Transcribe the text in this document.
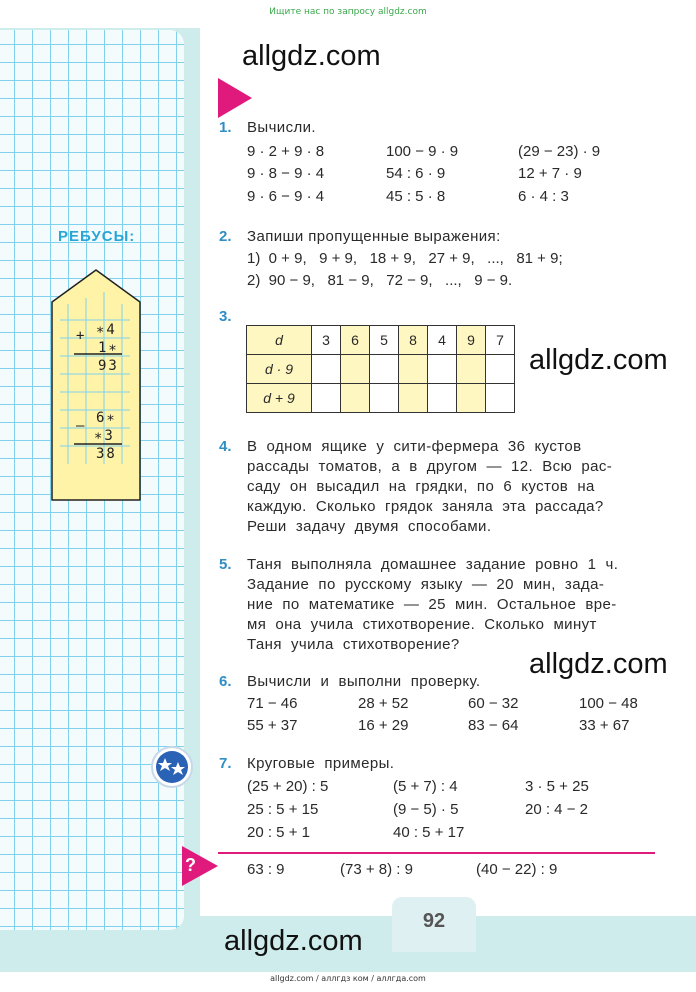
Ищите нас по запросу allgdz.com
allgdz.com
allgdz.com
allgdz.com
allgdz.com
РЕБУСЫ:
+ ∗4
1∗
93
– 6∗
∗3
38
1. Вычисли.
9 · 2 + 9 · 8	100 − 9 · 9	(29 − 23) · 9
9 · 8 − 9 · 4	54 : 6 · 9	12 + 7 · 9
9 · 6 − 9 · 4	45 : 5 · 8	6 · 4 : 3
2. Запиши пропущенные выражения:
1)  0 + 9,   9 + 9,   18 + 9,   27 + 9,   ...,   81 + 9;
2)  90 − 9,   81 − 9,   72 − 9,   ...,   9 − 9.
3.
d	3	6	5	8	4	9	7
d · 9							
d + 9							
4. В  одном  ящике  у  сити-фермера  36  кустов
рассады  томатов,  а  в  другом  —  12.  Всю  рас-
саду  он  высадил  на  грядки,  по  6  кустов  на
каждую.  Сколько  грядок  заняла  эта  рассада?
Реши  задачу  двумя  способами.
5. Таня  выполняла  домашнее  задание  ровно  1  ч.
Задание  по  русскому  языку  —  20  мин,  зада-
ние  по  математике  —  25  мин.  Остальное  вре-
мя  она  учила  стихотворение.  Сколько  минут
Таня  учила  стихотворение?
6. Вычисли  и  выполни  проверку.
71 − 46	28 + 52	60 − 32	100 − 48
55 + 37	16 + 29	83 − 64	33 + 67
7. Круговые  примеры.
(25 + 20) : 5	(5 + 7) : 4	3 · 5 + 25
25 : 5 + 15	(9 − 5) · 5	20 : 4 − 2
20 : 5 + 1	40 : 5 + 17
?	63 : 9	(73 + 8) : 9	(40 − 22) : 9
92
allgdz.com / аллгдз ком / аллгда.com
